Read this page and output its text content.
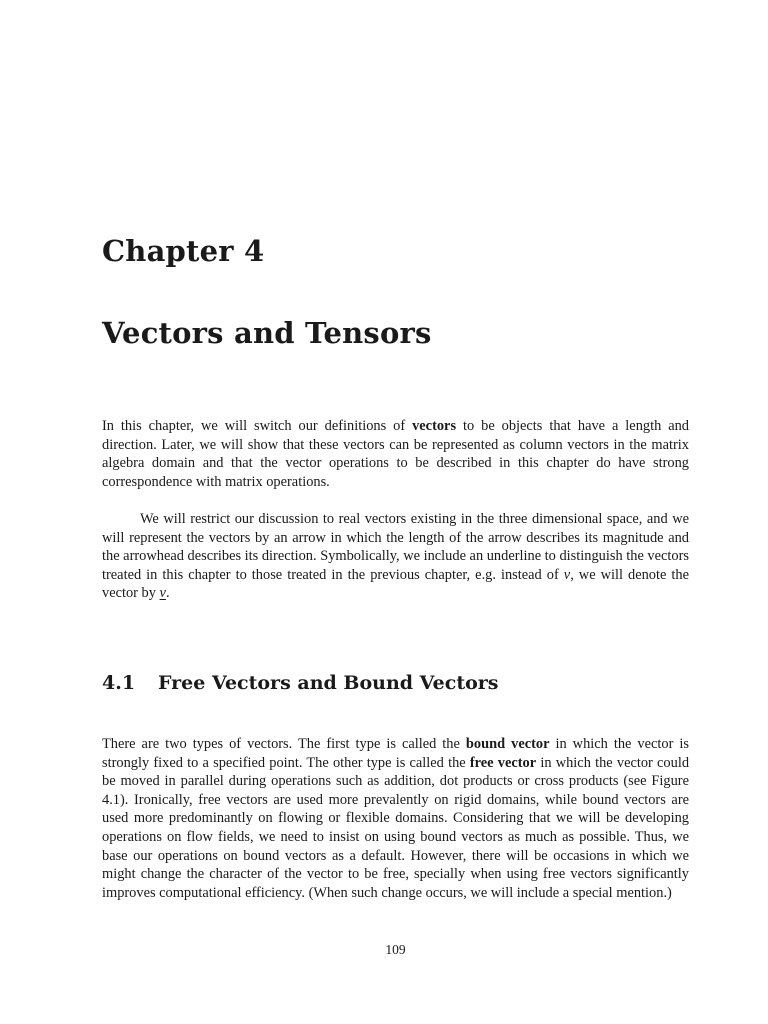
Chapter 4
Vectors and Tensors

In this chapter, we will switch our definitions of vectors to be objects that have a length and direction. Later, we will show that these vectors can be represented as column vectors in the matrix algebra domain and that the vector operations to be described in this chapter do have strong correspondence with matrix operations.

We will restrict our discussion to real vectors existing in the three dimensional space, and we will represent the vectors by an arrow in which the length of the arrow describes its magnitude and the arrowhead describes its direction. Symbolically, we include an underline to distinguish the vectors treated in this chapter to those treated in the previous chapter, e.g. instead of v, we will denote the vector by v.

4.1 Free Vectors and Bound Vectors

There are two types of vectors. The first type is called the bound vector in which the vector is strongly fixed to a specified point. The other type is called the free vector in which the vector could be moved in parallel during operations such as addition, dot products or cross products (see Figure 4.1). Ironically, free vectors are used more prevalently on rigid domains, while bound vectors are used more predominantly on flowing or flexible domains. Considering that we will be developing operations on flow fields, we need to insist on using bound vectors as much as possible. Thus, we base our operations on bound vectors as a default. However, there will be occasions in which we might change the character of the vector to be free, specially when using free vectors significantly improves computational efficiency. (When such change occurs, we will include a special mention.)

109
